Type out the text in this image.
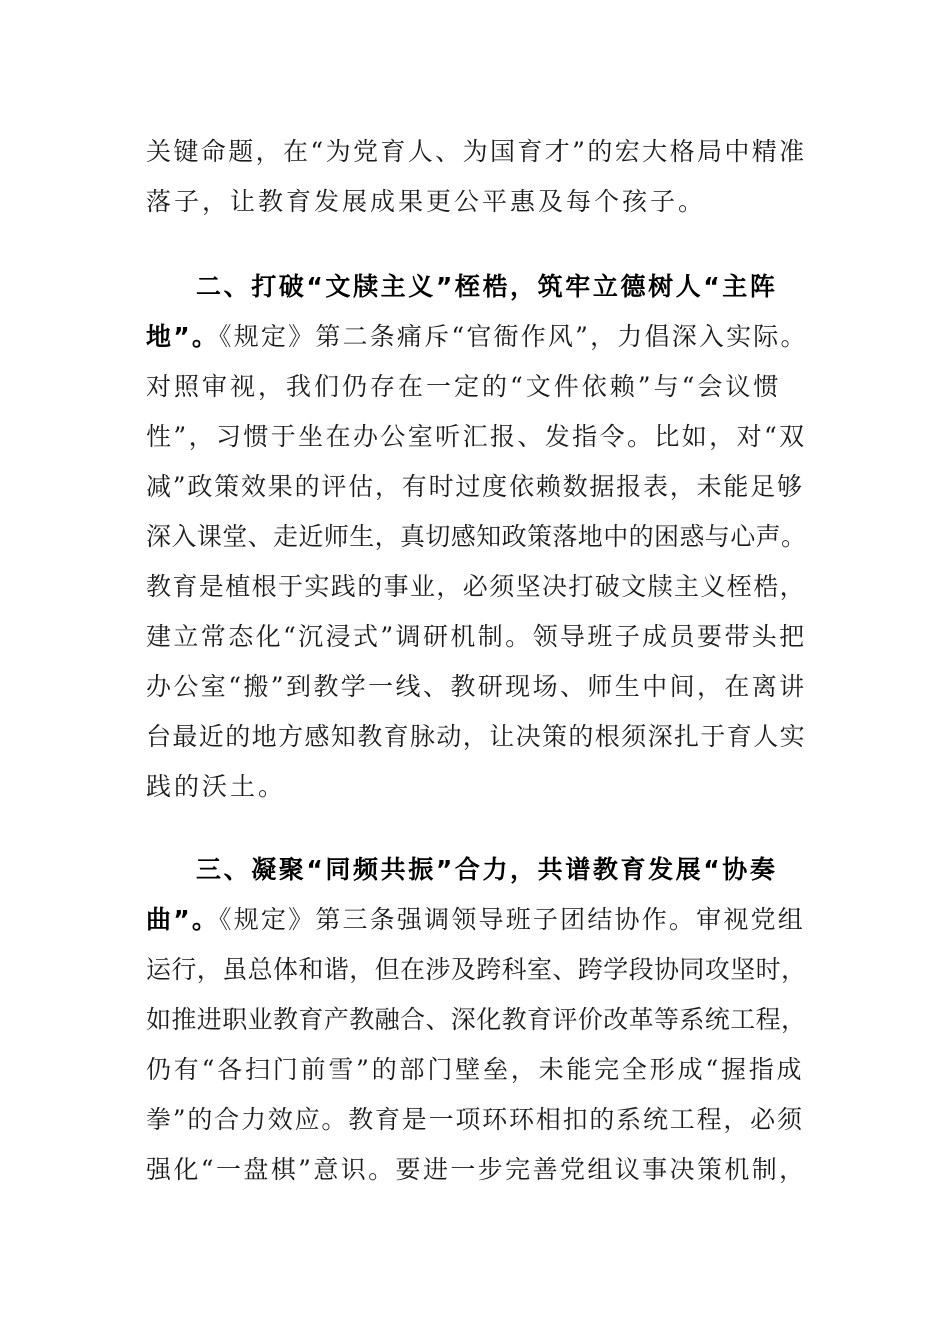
关键命题，在“为党育人、为国育才”的宏大格局中精准
落子，让教育发展成果更公平惠及每个孩子。
二、打破“文牍主义”桎梏，筑牢立德树人“主阵
地”。《规定》第二条痛斥“官衙作风”，力倡深入实际。
对照审视，我们仍存在一定的“文件依赖”与“会议惯
性”，习惯于坐在办公室听汇报、发指令。比如，对“双
减”政策效果的评估，有时过度依赖数据报表，未能足够
深入课堂、走近师生，真切感知政策落地中的困惑与心声。
教育是植根于实践的事业，必须坚决打破文牍主义桎梏，
建立常态化“沉浸式”调研机制。领导班子成员要带头把
办公室“搬”到教学一线、教研现场、师生中间，在离讲
台最近的地方感知教育脉动，让决策的根须深扎于育人实
践的沃土。
三、凝聚“同频共振”合力，共谱教育发展“协奏
曲”。《规定》第三条强调领导班子团结协作。审视党组
运行，虽总体和谐，但在涉及跨科室、跨学段协同攻坚时，
如推进职业教育产教融合、深化教育评价改革等系统工程，
仍有“各扫门前雪”的部门壁垒，未能完全形成“握指成
拳”的合力效应。教育是一项环环相扣的系统工程，必须
强化“一盘棋”意识。要进一步完善党组议事决策机制，
